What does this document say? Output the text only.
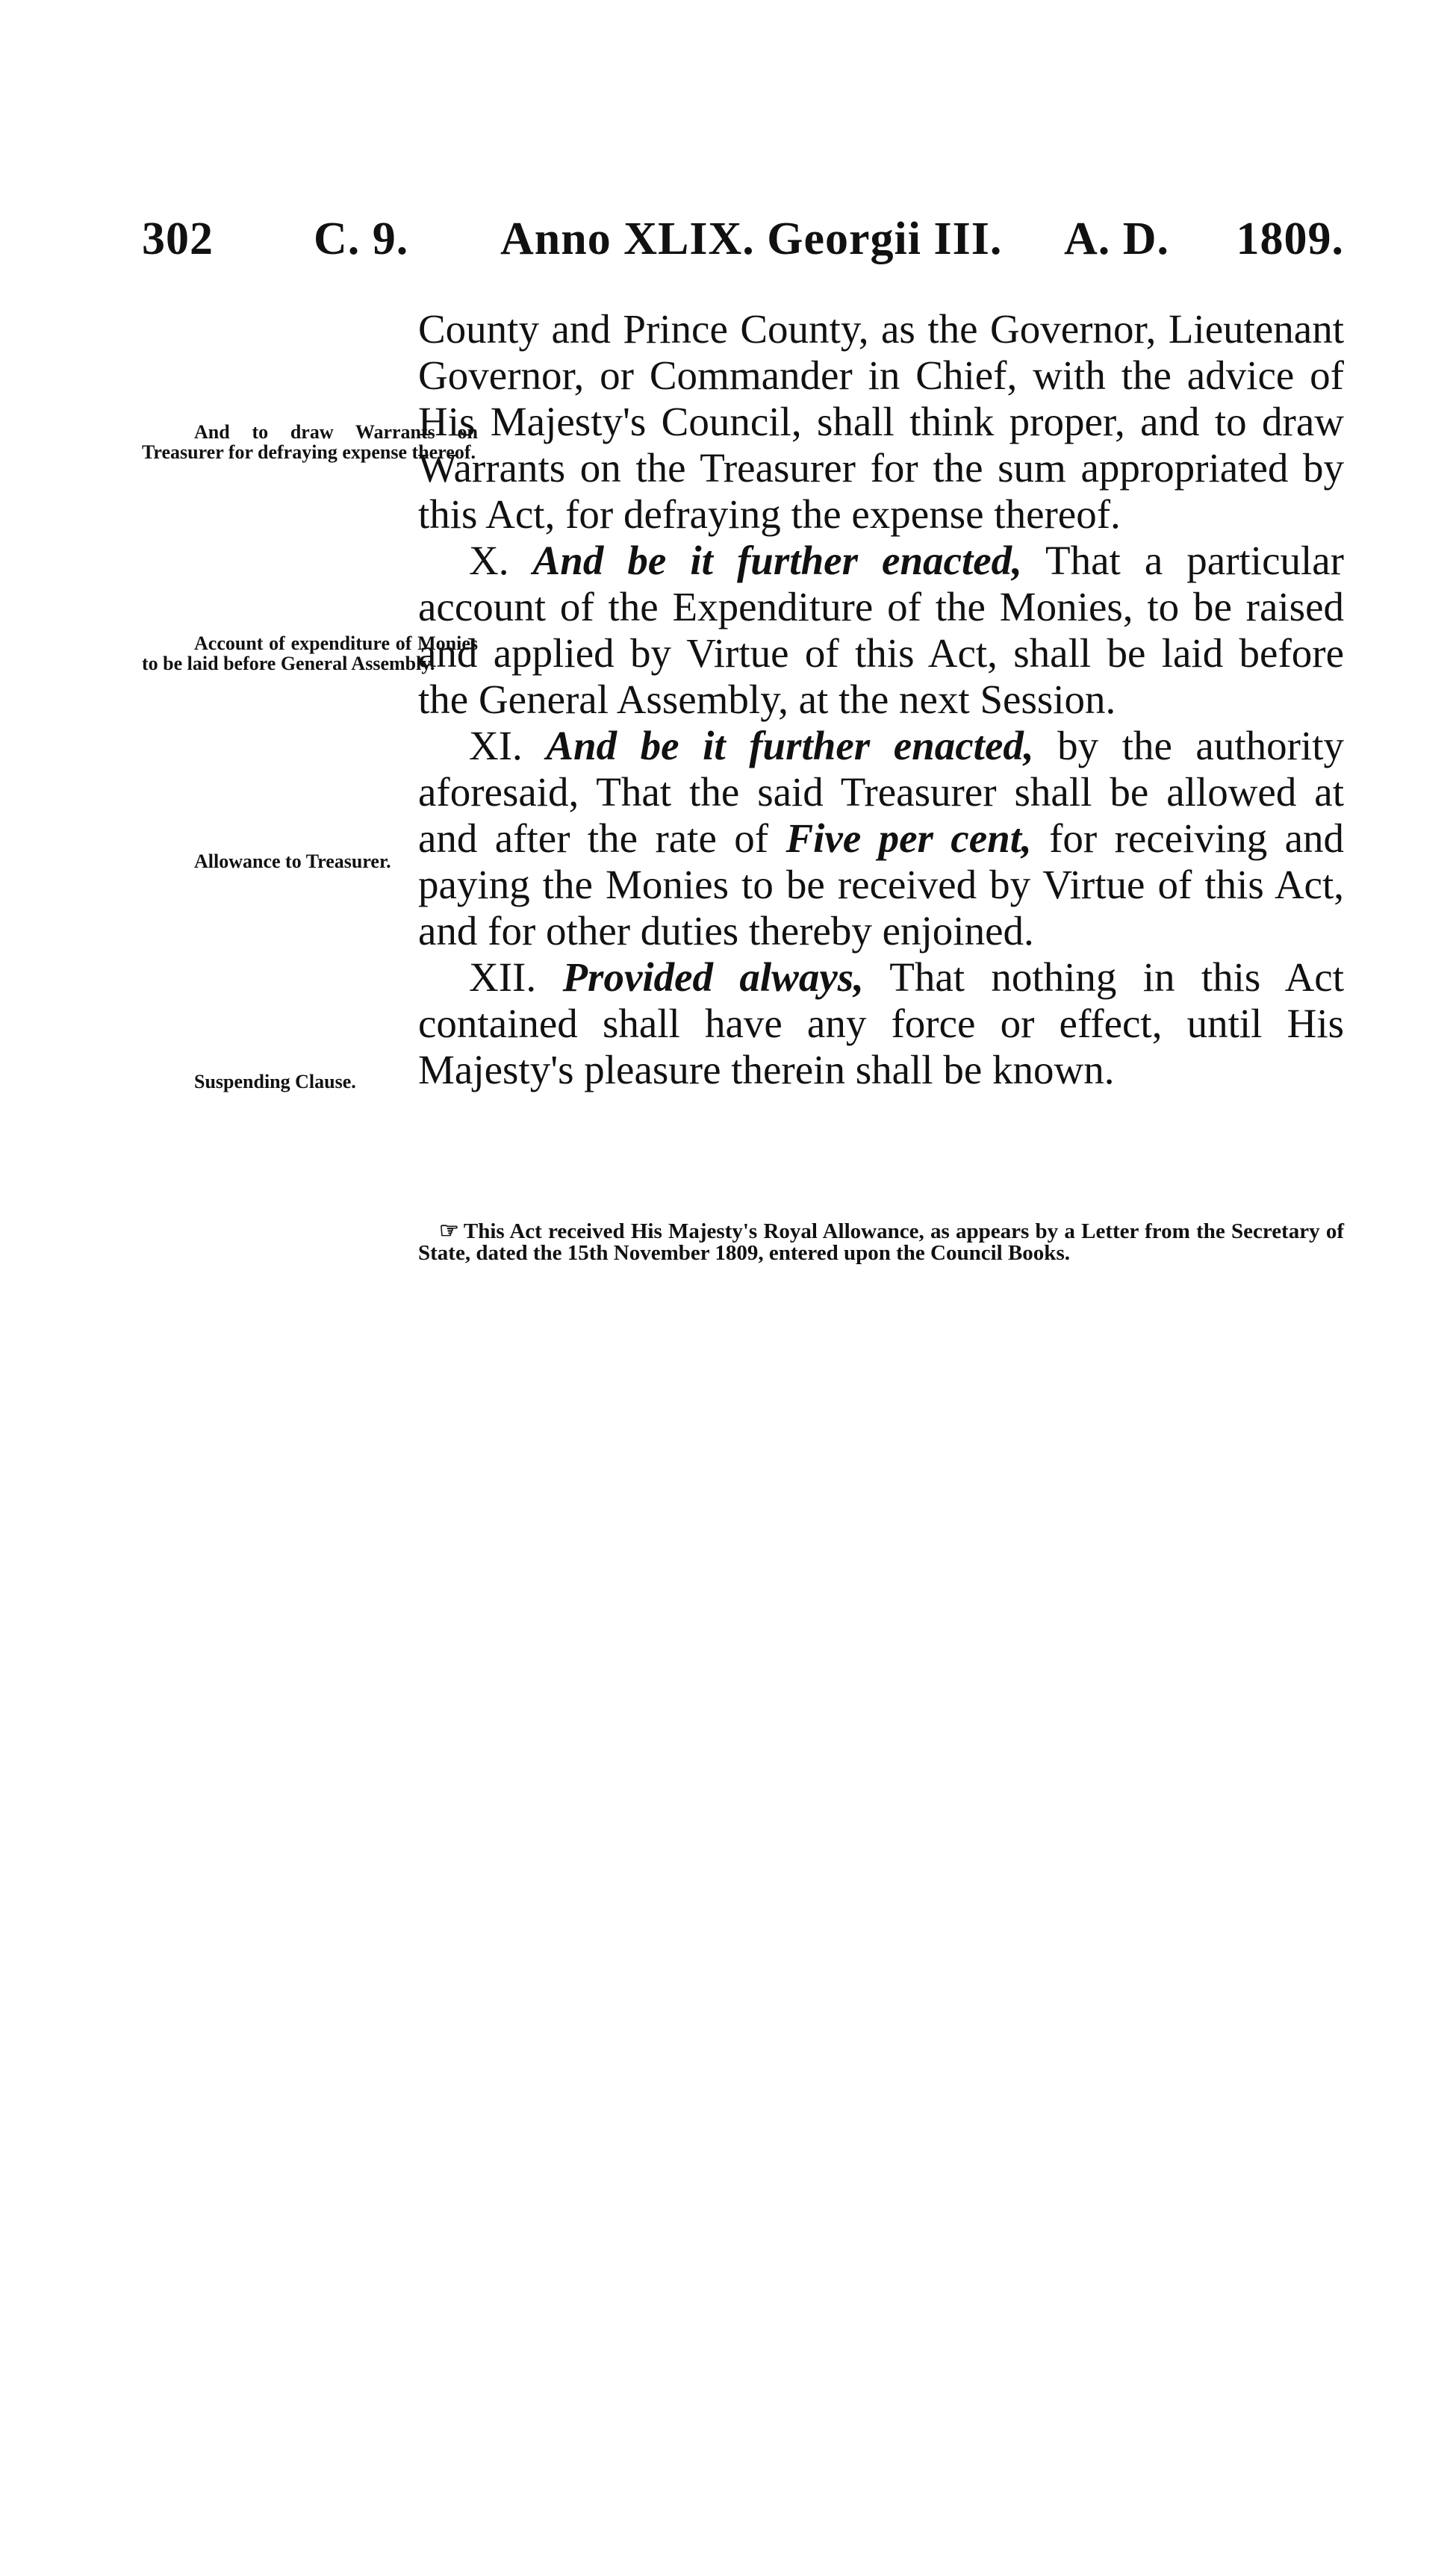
302 C. 9. Anno XLIX. Georgii III. A. D. 1809.

And to draw Warrants on Treasurer for defraying expense thereof.

Account of expenditure of Monies to be laid before General Assembly.

Allowance to Treasurer.

Suspending Clause.

County and Prince County, as the Governor, Lieutenant Governor, or Commander in Chief, with the advice of His Majesty's Council, shall think proper, and to draw Warrants on the Treasurer for the sum appropriated by this Act, for defraying the expense thereof.

X. And be it further enacted, That a particular account of the Expenditure of the Monies, to be raised and applied by Virtue of this Act, shall be laid before the General Assembly, at the next Session.

XI. And be it further enacted, by the authority aforesaid, That the said Treasurer shall be allowed at and after the rate of Five per cent, for receiving and paying the Monies to be received by Virtue of this Act, and for other duties thereby enjoined.

XII. Provided always, That nothing in this Act contained shall have any force or effect, until His Majesty's pleasure therein shall be known.

☞ This Act received His Majesty's Royal Allowance, as appears by a Letter from the Secretary of State, dated the 15th November 1809, entered upon the Council Books.
